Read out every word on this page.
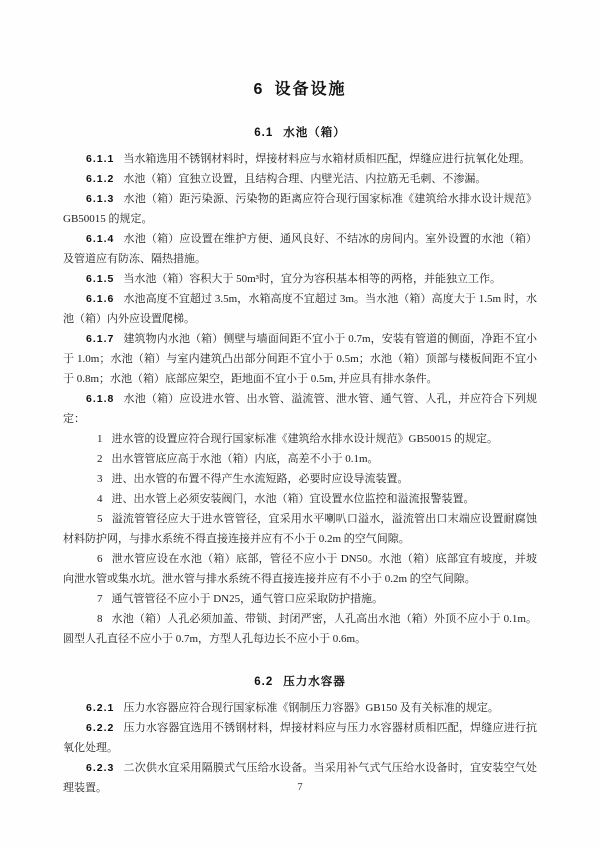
6 设备设施
6.1 水池（箱）

6.1.1 当水箱选用不锈钢材料时，焊接材料应与水箱材质相匹配，焊缝应进行抗氧化处理。

6.1.2 水池（箱）宜独立设置，且结构合理、内壁光洁、内拉筋无毛刺、不渗漏。

6.1.3 水池（箱）距污染源、污染物的距离应符合现行国家标准《建筑给水排水设计规范》GB50015 的规定。

6.1.4 水池（箱）应设置在维护方便、通风良好、不结冰的房间内。室外设置的水池（箱）及管道应有防冻、隔热措施。

6.1.5 当水池（箱）容积大于 50m³时，宜分为容积基本相等的两格，并能独立工作。

6.1.6 水池高度不宜超过 3.5m，水箱高度不宜超过 3m。当水池（箱）高度大于 1.5m 时，水池（箱）内外应设置爬梯。

6.1.7 建筑物内水池（箱）侧壁与墙面间距不宜小于 0.7m，安装有管道的侧面，净距不宜小于 1.0m；水池（箱）与室内建筑凸出部分间距不宜小于 0.5m；水池（箱）顶部与楼板间距不宜小于 0.8m；水池（箱）底部应架空，距地面不宜小于 0.5m, 并应具有排水条件。

6.1.8 水池（箱）应设进水管、出水管、溢流管、泄水管、通气管、人孔，并应符合下列规定：

1 进水管的设置应符合现行国家标准《建筑给水排水设计规范》GB50015 的规定。

2 出水管管底应高于水池（箱）内底，高差不小于 0.1m。

3 进、出水管的布置不得产生水流短路，必要时应设导流装置。

4 进、出水管上必须安装阀门，水池（箱）宜设置水位监控和溢流报警装置。

5 溢流管管径应大于进水管管径，宜采用水平喇叭口溢水，溢流管出口末端应设置耐腐蚀材料防护网，与排水系统不得直接连接并应有不小于 0.2m 的空气间隙。

6 泄水管应设在水池（箱）底部，管径不应小于 DN50。水池（箱）底部宜有坡度，并坡向泄水管或集水坑。泄水管与排水系统不得直接连接并应有不小于 0.2m 的空气间隙。

7 通气管管径不应小于 DN25，通气管口应采取防护措施。

8 水池（箱）人孔必须加盖、带锁、封闭严密，人孔高出水池（箱）外顶不应小于 0.1m。圆型人孔直径不应小于 0.7m，方型人孔每边长不应小于 0.6m。

6.2 压力水容器

6.2.1 压力水容器应符合现行国家标准《钢制压力容器》GB150 及有关标准的规定。

6.2.2 压力水容器宜选用不锈钢材料，焊接材料应与压力水容器材质相匹配，焊缝应进行抗氧化处理。

6.2.3 二次供水宜采用隔膜式气压给水设备。当采用补气式气压给水设备时，宜安装空气处理装置。	7
